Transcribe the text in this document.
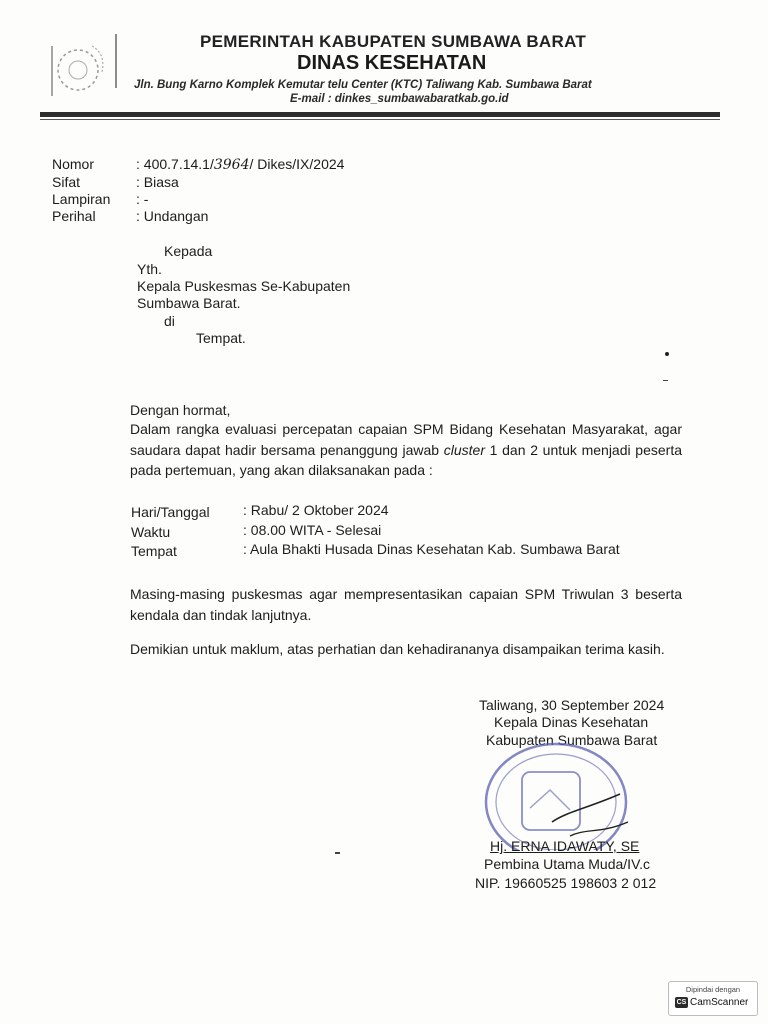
PEMERINTAH KABUPATEN SUMBAWA BARAT
DINAS KESEHATAN
Jln. Bung Karno Komplek Kemutar telu Center (KTC) Taliwang Kab. Sumbawa Barat
E-mail : dinkes_sumbawabaratkab.go.id
Nomor	: 400.7.14.1/3964/ Dikes/IX/2024
Sifat	: Biasa
Lampiran : -
Perihal	: Undangan
Kepada
Yth.
Kepala Puskesmas Se-Kabupaten
Sumbawa Barat.
di
Tempat.
Dengan hormat,
Dalam rangka evaluasi percepatan capaian SPM Bidang Kesehatan Masyarakat, agar saudara dapat hadir bersama penanggung jawab cluster 1 dan 2 untuk menjadi peserta pada pertemuan, yang akan dilaksanakan pada :
Hari/Tanggal : Rabu/ 2 Oktober 2024
Waktu	: 08.00 WITA - Selesai
Tempat	: Aula Bhakti Husada Dinas Kesehatan Kab. Sumbawa Barat
Masing-masing puskesmas agar mempresentasikan capaian SPM Triwulan 3 beserta kendala dan tindak lanjutnya.
Demikian untuk maklum, atas perhatian dan kehadirananya disampaikan terima kasih.
Taliwang, 30 September 2024
Kepala Dinas Kesehatan
Kabupaten Sumbawa Barat
Hj. ERNA IDAWATY, SE
Pembina Utama Muda/IV.c
NIP. 19660525 198603 2 012
Dipindai dengan
CS CamScanner
